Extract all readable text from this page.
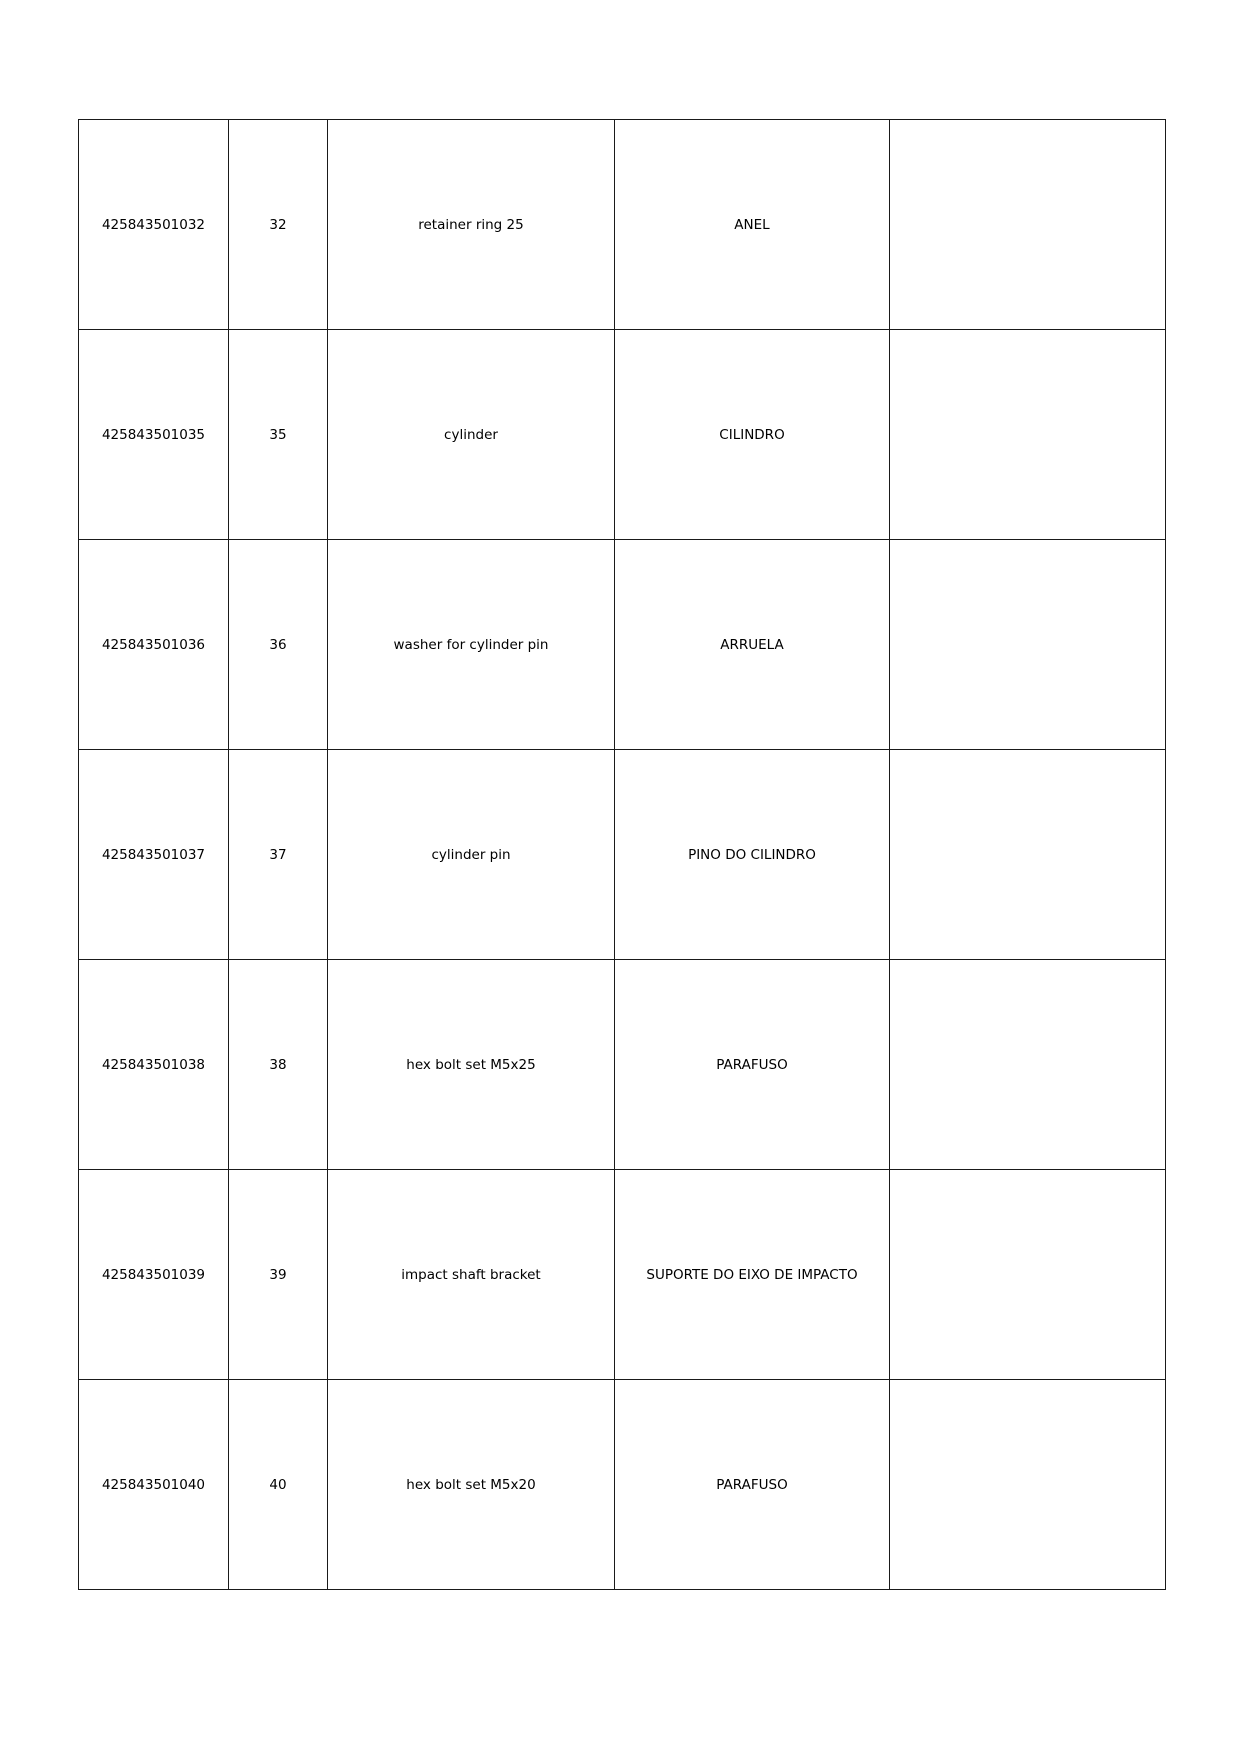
425843501032	32	retainer ring 25	ANEL	
425843501035	35	cylinder	CILINDRO	
425843501036	36	washer for cylinder pin	ARRUELA	
425843501037	37	cylinder pin	PINO DO CILINDRO	
425843501038	38	hex bolt set M5x25	PARAFUSO	
425843501039	39	impact shaft bracket	SUPORTE DO EIXO DE IMPACTO	
425843501040	40	hex bolt set M5x20	PARAFUSO	
